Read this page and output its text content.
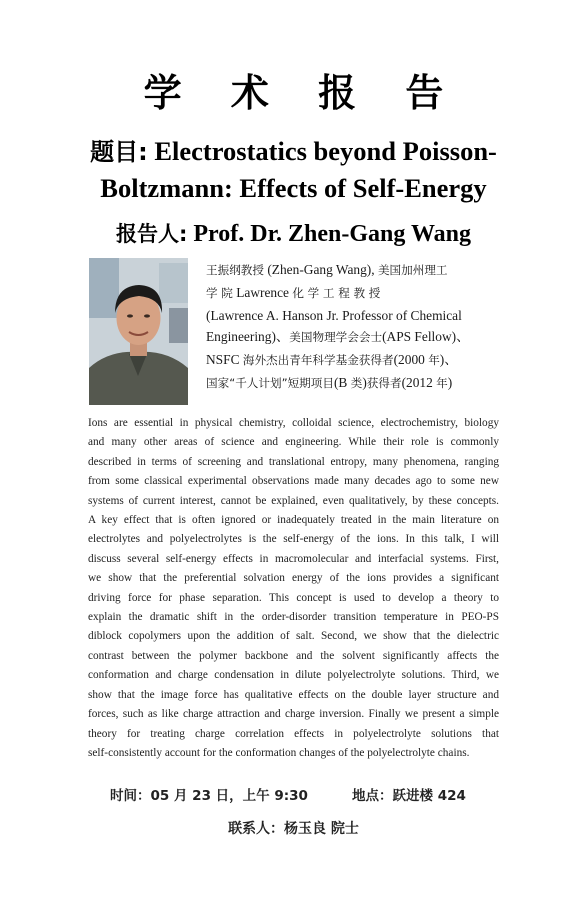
学 术 报 告
题目: Electrostatics beyond Poisson-
Boltzmann: Effects of Self-Energy
报告人: Prof. Dr. Zhen-Gang Wang
王振纲教授 (Zhen-Gang Wang), 美国加州理工
学 院 Lawrence 化 学 工 程 教 授
(Lawrence A. Hanson Jr. Professor of Chemical
Engineering)、美国物理学会会士(APS Fellow)、
NSFC 海外杰出青年科学基金获得者(2000 年)、
国家“千人计划”短期项目(B 类)获得者(2012 年)
Ions are essential in physical chemistry, colloidal science, electrochemistry, biology
and many other areas of science and engineering. While their role is commonly
described in terms of screening and translational entropy, many phenomena, ranging
from some classical experimental observations made many decades ago to some new
systems of current interest, cannot be explained, even qualitatively, by these concepts.
A key effect that is often ignored or inadequately treated in the main literature on
electrolytes and polyelectrolytes is the self-energy of the ions. In this talk, I will
discuss several self-energy effects in macromolecular and interfacial systems. First,
we show that the preferential solvation energy of the ions provides a significant
driving force for phase separation. This concept is used to develop a theory to
explain the dramatic shift in the order-disorder transition temperature in PEO-PS
diblock copolymers upon the addition of salt. Second, we show that the dielectric
contrast between the polymer backbone and the solvent significantly affects the
conformation and charge condensation in dilute polyelectrolyte solutions. Third, we
show that the image force has qualitative effects on the double layer structure and
forces, such as like charge attraction and charge inversion. Finally we present a simple
theory for treating charge correlation effects in polyelectrolyte solutions that
self-consistently account for the conformation changes of the polyelectrolyte chains.
时间：05 月 23 日，上午 9:30	地点：跃进楼 424
联系人：杨玉良 院士
